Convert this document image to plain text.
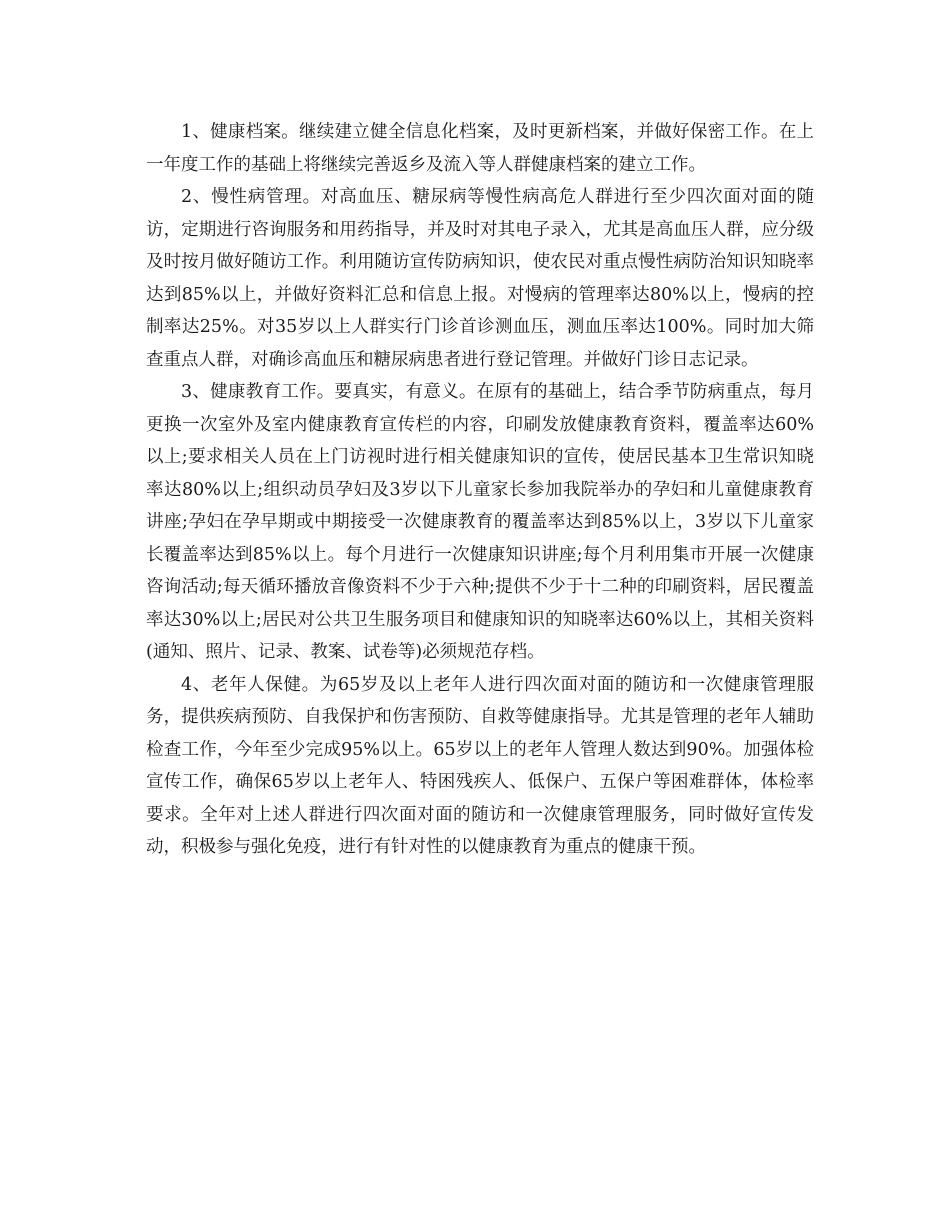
1、健康档案。继续建立健全信息化档案，及时更新档案，并做好保密工作。在上一年度工作的基础上将继续完善返乡及流入等人群健康档案的建立工作。

2、慢性病管理。对高血压、糖尿病等慢性病高危人群进行至少四次面对面的随访，定期进行咨询服务和用药指导，并及时对其电子录入，尤其是高血压人群，应分级及时按月做好随访工作。利用随访宣传防病知识，使农民对重点慢性病防治知识知晓率达到85%以上，并做好资料汇总和信息上报。对慢病的管理率达80%以上，慢病的控制率达25%。对35岁以上人群实行门诊首诊测血压，测血压率达100%。同时加大筛查重点人群，对确诊高血压和糖尿病患者进行登记管理。并做好门诊日志记录。

3、健康教育工作。要真实，有意义。在原有的基础上，结合季节防病重点，每月更换一次室外及室内健康教育宣传栏的内容，印刷发放健康教育资料，覆盖率达60%以上;要求相关人员在上门访视时进行相关健康知识的宣传，使居民基本卫生常识知晓率达80%以上;组织动员孕妇及3岁以下儿童家长参加我院举办的孕妇和儿童健康教育讲座;孕妇在孕早期或中期接受一次健康教育的覆盖率达到85%以上，3岁以下儿童家长覆盖率达到85%以上。每个月进行一次健康知识讲座;每个月利用集市开展一次健康咨询活动;每天循环播放音像资料不少于六种;提供不少于十二种的印刷资料，居民覆盖率达30%以上;居民对公共卫生服务项目和健康知识的知晓率达60%以上，其相关资料(通知、照片、记录、教案、试卷等)必须规范存档。

4、老年人保健。为65岁及以上老年人进行四次面对面的随访和一次健康管理服务，提供疾病预防、自我保护和伤害预防、自救等健康指导。尤其是管理的老年人辅助检查工作，今年至少完成95%以上。65岁以上的老年人管理人数达到90%。加强体检宣传工作，确保65岁以上老年人、特困残疾人、低保户、五保户等困难群体，体检率要求。全年对上述人群进行四次面对面的随访和一次健康管理服务，同时做好宣传发动，积极参与强化免疫，进行有针对性的以健康教育为重点的健康干预。
